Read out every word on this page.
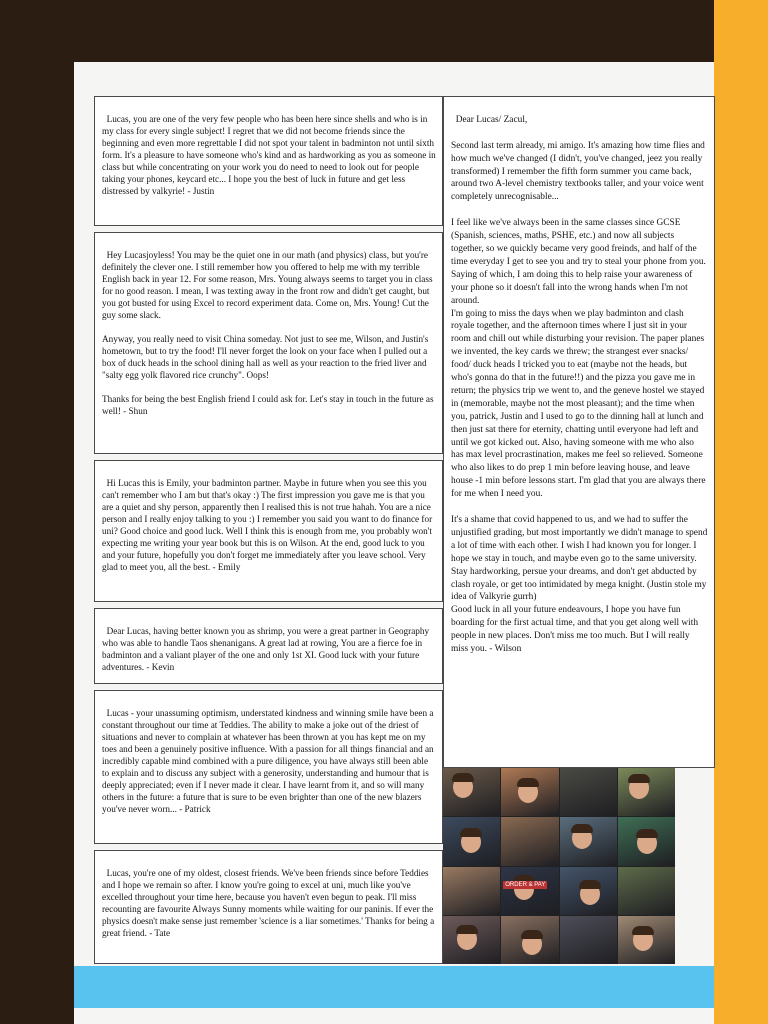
Lucas, you are one of the very few people who has been here since shells and who is in my class for every single subject! I regret that we did not become friends since the beginning and even more regrettable I did not spot your talent in badminton not until sixth form. It's a pleasure to have someone who's kind and as hardworking as you as someone in class but while concentrating on your work you do need to need to look out for people taking your phones, keycard etc... I hope you the best of luck in future and get less distressed by valkyrie! - Justin

Hey Lucasjoyless! You may be the quiet one in our math (and physics) class, but you're definitely the clever one. I still remember how you offered to help me with my terrible English back in year 12. For some reason, Mrs. Young always seems to target you in class for no good reason. I mean, I was texting away in the front row and didn't get caught, but you got busted for using Excel to record experiment data. Come on, Mrs. Young! Cut the guy some slack.

Anyway, you really need to visit China someday. Not just to see me, Wilson, and Justin's hometown, but to try the food! I'll never forget the look on your face when I pulled out a box of duck heads in the school dining hall as well as your reaction to the fried liver and "salty egg yolk flavored rice crunchy". Oops!

Thanks for being the best English friend I could ask for. Let's stay in touch in the future as well! - Shun

Hi Lucas this is Emily, your badminton partner. Maybe in future when you see this you can't remember who I am but that's okay :) The first impression you gave me is that you are a quiet and shy person, apparently then I realised this is not true hahah. You are a nice person and I really enjoy talking to you :) I remember you said you want to do finance for uni? Good choice and good luck. Well I think this is enough from me, you probably won't expecting me writing your year book but this is on Wilson. At the end, good luck to you and your future, hopefully you don't forget me immediately after you leave school. Very glad to meet you, all the best. - Emily

Dear Lucas, having better known you as shrimp, you were a great partner in Geography who was able to handle Taos shenanigans. A great lad at rowing, You are a fierce foe in badminton and a valiant player of the one and only 1st XI. Good luck with your future adventures. - Kevin

Lucas - your unassuming optimism, understated kindness and winning smile have been a constant throughout our time at Teddies. The ability to make a joke out of the driest of situations and never to complain at whatever has been thrown at you has kept me on my toes and been a genuinely positive influence. With a passion for all things financial and an incredibly capable mind combined with a pure diligence, you have always still been able to explain and to discuss any subject with a generosity, understanding and humour that is deeply appreciated; even if I never made it clear. I have learnt from it, and so will many others in the future: a future that is sure to be even brighter than one of the new blazers you've never worn... - Patrick

Lucas, you're one of my oldest, closest friends. We've been friends since before Teddies and I hope we remain so after. I know you're going to excel at uni, much like you've excelled throughout your time here, because you haven't even begun to peak. I'll miss recounting are favourite Always Sunny moments while waiting for our paninis. If ever the physics doesn't make sense just remember 'science is a liar sometimes.' Thanks for being a great friend. - Tate

Dear Lucas/ Zacul,

Second last term already, mi amigo. It's amazing how time flies and how much we've changed (I didn't, you've changed, jeez you really transformed) I remember the fifth form summer you came back, around two A-level chemistry textbooks taller, and your voice went completely unrecognisable...

I feel like we've always been in the same classes since GCSE (Spanish, sciences, maths, PSHE, etc.) and now all subjects together, so we quickly became very good freinds, and half of the time everyday I get to see you and try to steal your phone from you. Saying of which, I am doing this to help raise your awareness of your phone so it doesn't fall into the wrong hands when I'm not around.
I'm going to miss the days when we play badminton and clash royale together, and the afternoon times where I just sit in your room and chill out while disturbing your revision. The paper planes we invented, the key cards we threw; the strangest ever snacks/ food/ duck heads I tricked you to eat (maybe not the heads, but who's gonna do that in the future!!) and the pizza you gave me in return; the physics trip we went to, and the geneve hostel we stayed in (memorable, maybe not the most pleasant); and the time when you, patrick, Justin and I used to go to the dinning hall at lunch and then just sat there for eternity, chatting until everyone had left and until we got kicked out. Also, having someone with me who also has max level procrastination, makes me feel so relieved. Someone who also likes to do prep 1 min before leaving house, and leave house -1 min before lessons start. I'm glad that you are always there for me when I need you.

It's a shame that covid happened to us, and we had to suffer the unjustified grading, but most importantly we didn't manage to spend a lot of time with each other. I wish I had known you for longer. I hope we stay in touch, and maybe even go to the same university. Stay hardworking, persue your dreams, and don't get abducted by clash royale, or get too intimidated by mega knight. (Justin stole my idea of Valkyrie gurrh)
Good luck in all your future endeavours, I hope you have fun boarding for the first actual time, and that you get along well with people in new places. Don't miss me too much. But I will really miss you. - Wilson

ORDER & PAY
